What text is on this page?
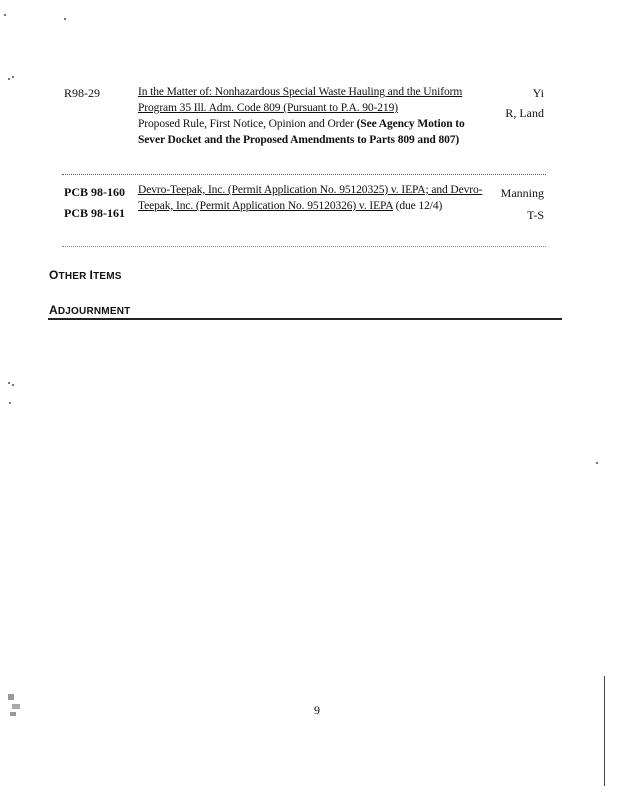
R98-29	In the Matter of: Nonhazardous Special Waste Hauling and the Uniform Program 35 Ill. Adm. Code 809 (Pursuant to P.A. 90-219)
Proposed Rule, First Notice, Opinion and Order (See Agency Motion to Sever Docket and the Proposed Amendments to Parts 809 and 807)
Yi
R, Land
PCB 98-160
PCB 98-161
Devro-Teepak, Inc. (Permit Application No. 95120325) v. IEPA; and Devro-Teepak, Inc. (Permit Application No. 95120326) v. IEPA (due 12/4)
Manning
T-S
OTHER ITEMS
ADJOURNMENT
9
